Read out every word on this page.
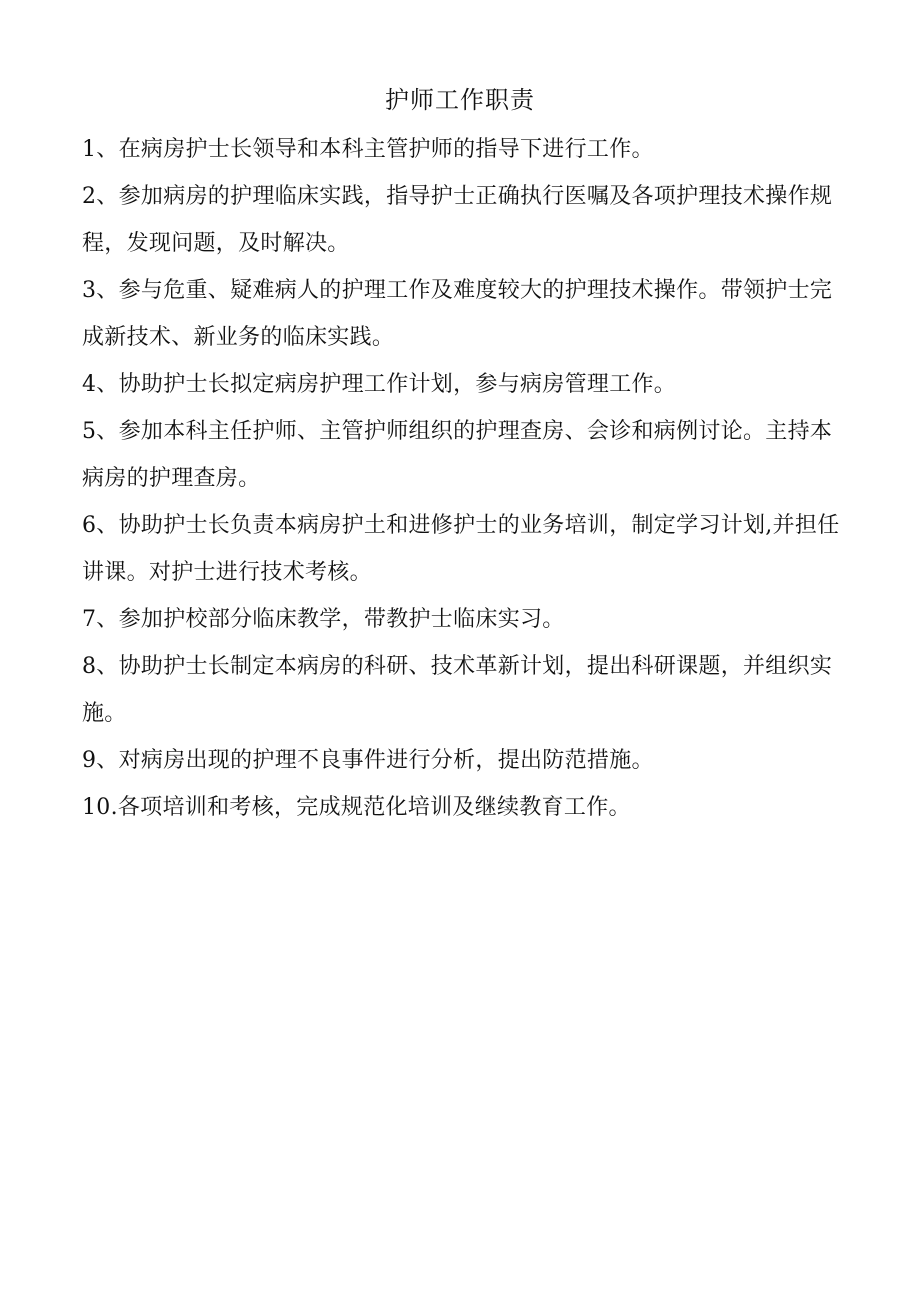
护师工作职责
1、在病房护士长领导和本科主管护师的指导下进行工作。
2、参加病房的护理临床实践，指导护士正确执行医嘱及各项护理技术操作规程，发现问题，及时解决。
3、参与危重、疑难病人的护理工作及难度较大的护理技术操作。带领护士完成新技术、新业务的临床实践。
4、协助护士长拟定病房护理工作计划，参与病房管理工作。
5、参加本科主任护师、主管护师组织的护理查房、会诊和病例讨论。主持本病房的护理查房。
6、协助护士长负责本病房护土和进修护士的业务培训，制定学习计划,并担任讲课。对护士进行技术考核。
7、参加护校部分临床教学，带教护士临床实习。
8、协助护士长制定本病房的科研、技术革新计划，提出科研课题，并组织实施。
9、对病房出现的护理不良事件进行分析，提出防范措施。
10.各项培训和考核，完成规范化培训及继续教育工作。
